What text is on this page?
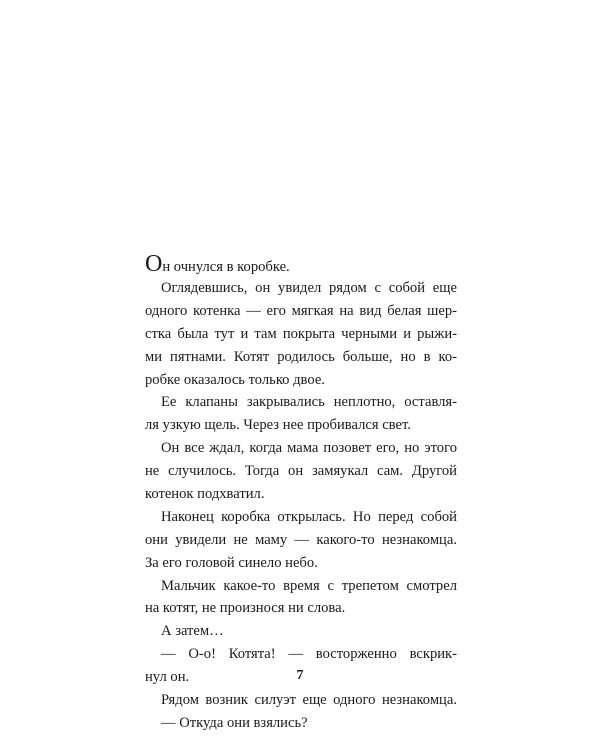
Он очнулся в коробке.
Оглядевшись, он увидел рядом с собой еще
одного котенка — его мягкая на вид белая шер-
стка была тут и там покрыта черными и рыжи-
ми пятнами. Котят родилось больше, но в ко-
робке оказалось только двое.
Ее клапаны закрывались неплотно, оставля-
ля узкую щель. Через нее пробивался свет.
Он все ждал, когда мама позовет его, но этого
не случилось. Тогда он замяукал сам. Другой
котенок подхватил.
Наконец коробка открылась. Но перед собой
они увидели не маму — какого-то незнакомца.
За его головой синело небо.
Мальчик какое-то время с трепетом смотрел
на котят, не произнося ни слова.
А затем…
— О-о! Котята! — восторженно вскрик-
нул он.
Рядом возник силуэт еще одного незнакомца.
— Откуда они взялись?
7
